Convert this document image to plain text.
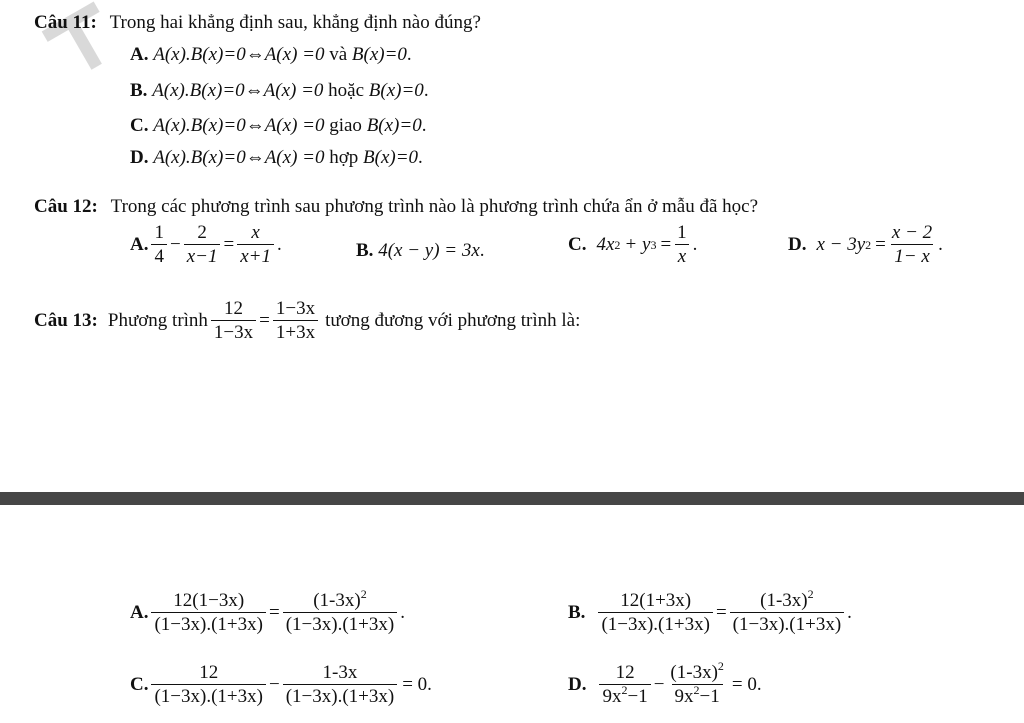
Câu 11: Trong hai khẳng định sau, khẳng định nào đúng?
A. A(x).B(x)=0⇔A(x) =0 và B(x)=0.
B. A(x).B(x)=0⇔A(x) =0 hoặc B(x)=0.
C. A(x).B(x)=0⇔A(x) =0 giao B(x)=0.
D. A(x).B(x)=0⇔A(x) =0 hợp B(x)=0.
Câu 12: Trong các phương trình sau phương trình nào là phương trình chứa ẩn ở mẫu đã học?
A. $\frac{1}{4} - \frac{2}{x-1} = \frac{x}{x+1}$ .	B. 4(x − y) = 3x.	C. 4x 2 + y $3 = \frac{1}{x}$ .	D. x − 3y $2 = \frac{x - 2}{1- x}$ .
Câu 13: Phương trình $\frac{12}{1-3x} = \frac{1-3x}{1+3x}$ tương đương với phương trình là:
A. $\frac{12(1-3x)}{(1-3x).(1+3x)} = \frac{(1-3x)^2}{(1-3x).(1+3x)}$ .	B. $\frac{12(1+3x)}{(1-3x).(1+3x)} = \frac{(1-3x)^2}{(1-3x).(1+3x)}$ .
C. $\frac{12}{(1-3x).(1+3x)} - \frac{1-3x}{(1-3x).(1+3x)} = 0$ .	D. $\frac{12}{9x^2-1} - \frac{(1-3x)^2}{9x^2-1} = 0$ .
